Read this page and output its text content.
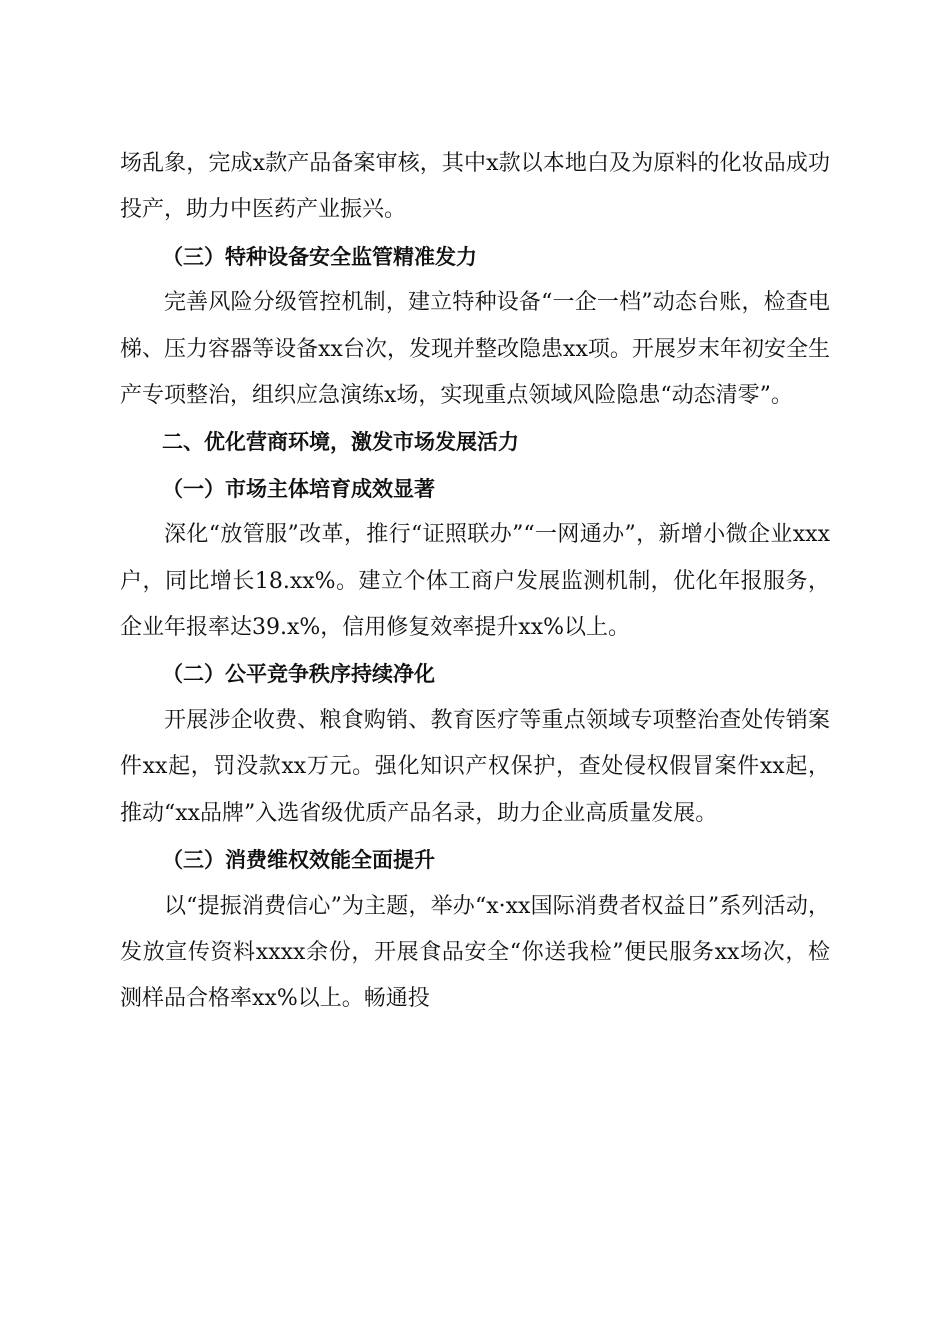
场乱象，完成x款产品备案审核，其中x款以本地白及为原料的化妆品成功投产，助力中医药产业振兴。

（三）特种设备安全监管精准发力

完善风险分级管控机制，建立特种设备“一企一档”动态台账，检查电梯、压力容器等设备xx台次，发现并整改隐患xx项。开展岁末年初安全生产专项整治，组织应急演练x场，实现重点领域风险隐患“动态清零”。

二、优化营商环境，激发市场发展活力

（一）市场主体培育成效显著

深化“放管服”改革，推行“证照联办”“一网通办”，新增小微企业xxx户，同比增长18.xx%。建立个体工商户发展监测机制，优化年报服务，企业年报率达39.x%，信用修复效率提升xx%以上。

（二）公平竞争秩序持续净化

开展涉企收费、粮食购销、教育医疗等重点领域专项整治查处传销案件xx起，罚没款xx万元。强化知识产权保护，查处侵权假冒案件xx起，推动“xx品牌”入选省级优质产品名录，助力企业高质量发展。

（三）消费维权效能全面提升

以“提振消费信心”为主题，举办“x·xx国际消费者权益日”系列活动，发放宣传资料xxxx余份，开展食品安全“你送我检”便民服务xx场次，检测样品合格率xx%以上。畅通投
